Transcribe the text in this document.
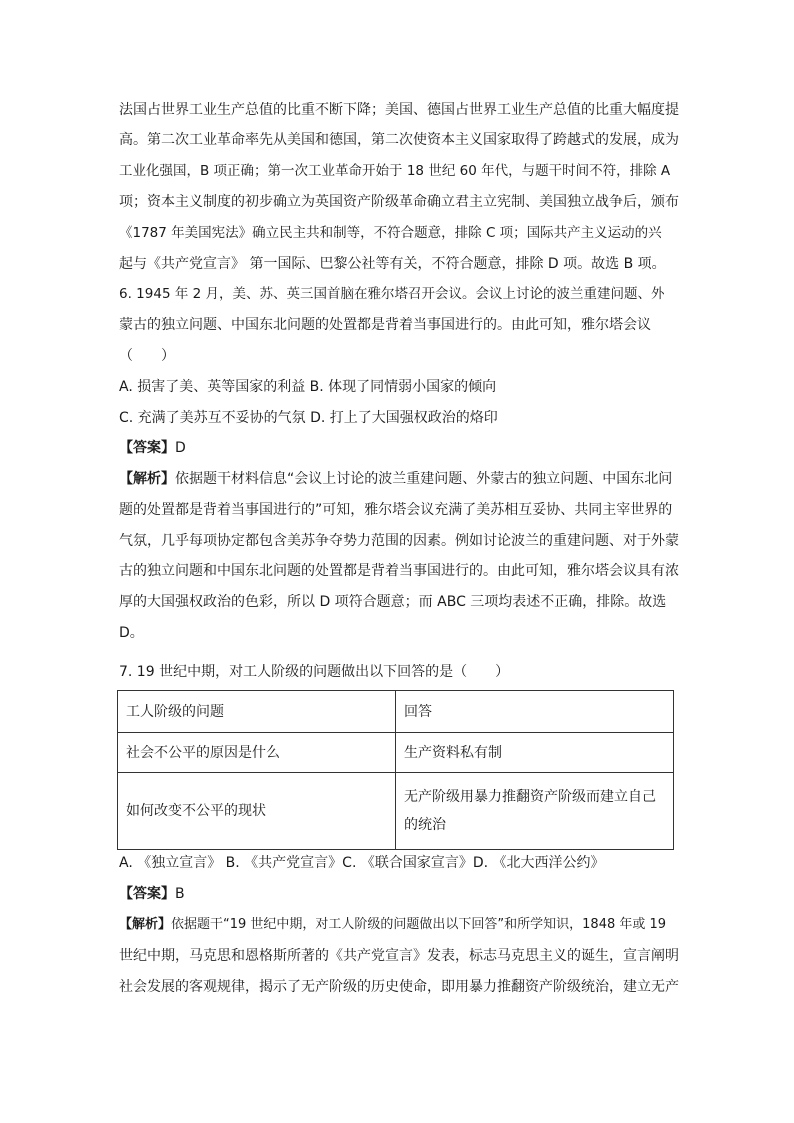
法国占世界工业生产总值的比重不断下降；美国、德国占世界工业生产总值的比重大幅度提
高。第二次工业革命率先从美国和德国，第二次使资本主义国家取得了跨越式的发展，成为
工业化强国，B 项正确；第一次工业革命开始于 18 世纪 60 年代，与题干时间不符，排除 A
项；资本主义制度的初步确立为英国资产阶级革命确立君主立宪制、美国独立战争后，颁布
《1787 年美国宪法》确立民主共和制等，不符合题意，排除 C 项；国际共产主义运动的兴
起与《共产党宣言》 第一国际、巴黎公社等有关，不符合题意，排除 D 项。故选 B 项。
6. 1945 年 2 月，美、苏、英三国首脑在雅尔塔召开会议。会议上讨论的波兰重建问题、外
蒙古的独立问题、中国东北问题的处置都是背着当事国进行的。由此可知，雅尔塔会议
（　　）
A. 损害了美、英等国家的利益 B. 体现了同情弱小国家的倾向
C. 充满了美苏互不妥协的气氛 D. 打上了大国强权政治的烙印
【答案】D
【解析】依据题干材料信息“会议上讨论的波兰重建问题、外蒙古的独立问题、中国东北问
题的处置都是背着当事国进行的”可知，雅尔塔会议充满了美苏相互妥协、共同主宰世界的
气氛，几乎每项协定都包含美苏争夺势力范围的因素。例如讨论波兰的重建问题、对于外蒙
古的独立问题和中国东北问题的处置都是背着当事国进行的。由此可知，雅尔塔会议具有浓
厚的大国强权政治的色彩，所以 D 项符合题意；而 ABC 三项均表述不正确，排除。故选
D。
7. 19 世纪中期，对工人阶级的问题做出以下回答的是（　　）
工人阶级的问题	回答
社会不公平的原因是什么	生产资料私有制
如何改变不公平的现状	无产阶级用暴力推翻资产阶级而建立自己
的统治
A. 《独立宣言》 B. 《共产党宣言》C. 《联合国家宣言》D. 《北大西洋公约》
【答案】B
【解析】依据题干“19 世纪中期，对工人阶级的问题做出以下回答”和所学知识，1848 年或 19
世纪中期，马克思和恩格斯所著的《共产党宣言》发表，标志马克思主义的诞生，宣言阐明
社会发展的客观规律，揭示了无产阶级的历史使命，即用暴力推翻资产阶级统治，建立无产
